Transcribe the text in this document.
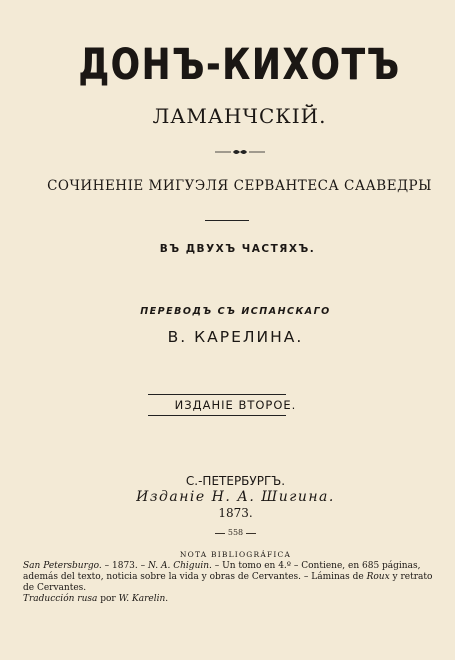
ДОНЪ-КИХОТЪ
ЛАМАНЧСКІЙ.
СОЧИНЕНІЕ МИГУЭЛЯ СЕРВАНТЕСА СААВЕДРЫ
ВЪ ДВУХЪ ЧАСТЯХЪ.
ПЕРЕВОДЪ СЪ ИСПАНСКАГО
В. КАРЕЛИНА.
ИЗДАНІЕ ВТОРОЕ.
С.-ПЕТЕРБУРГЪ.
Изданіе Н. А. Шигина.
1873.
558
NOTA BIBLIOGRÁFICA

San Petersburgo. – 1873. – N. A. Chiguin. – Un tomo en 4.º – Contiene, en 685 páginas, además del texto, noticia sobre la vida y obras de Cervantes. – Láminas de Roux y retrato de Cervantes.

Traducción rusa por W. Karelin.
